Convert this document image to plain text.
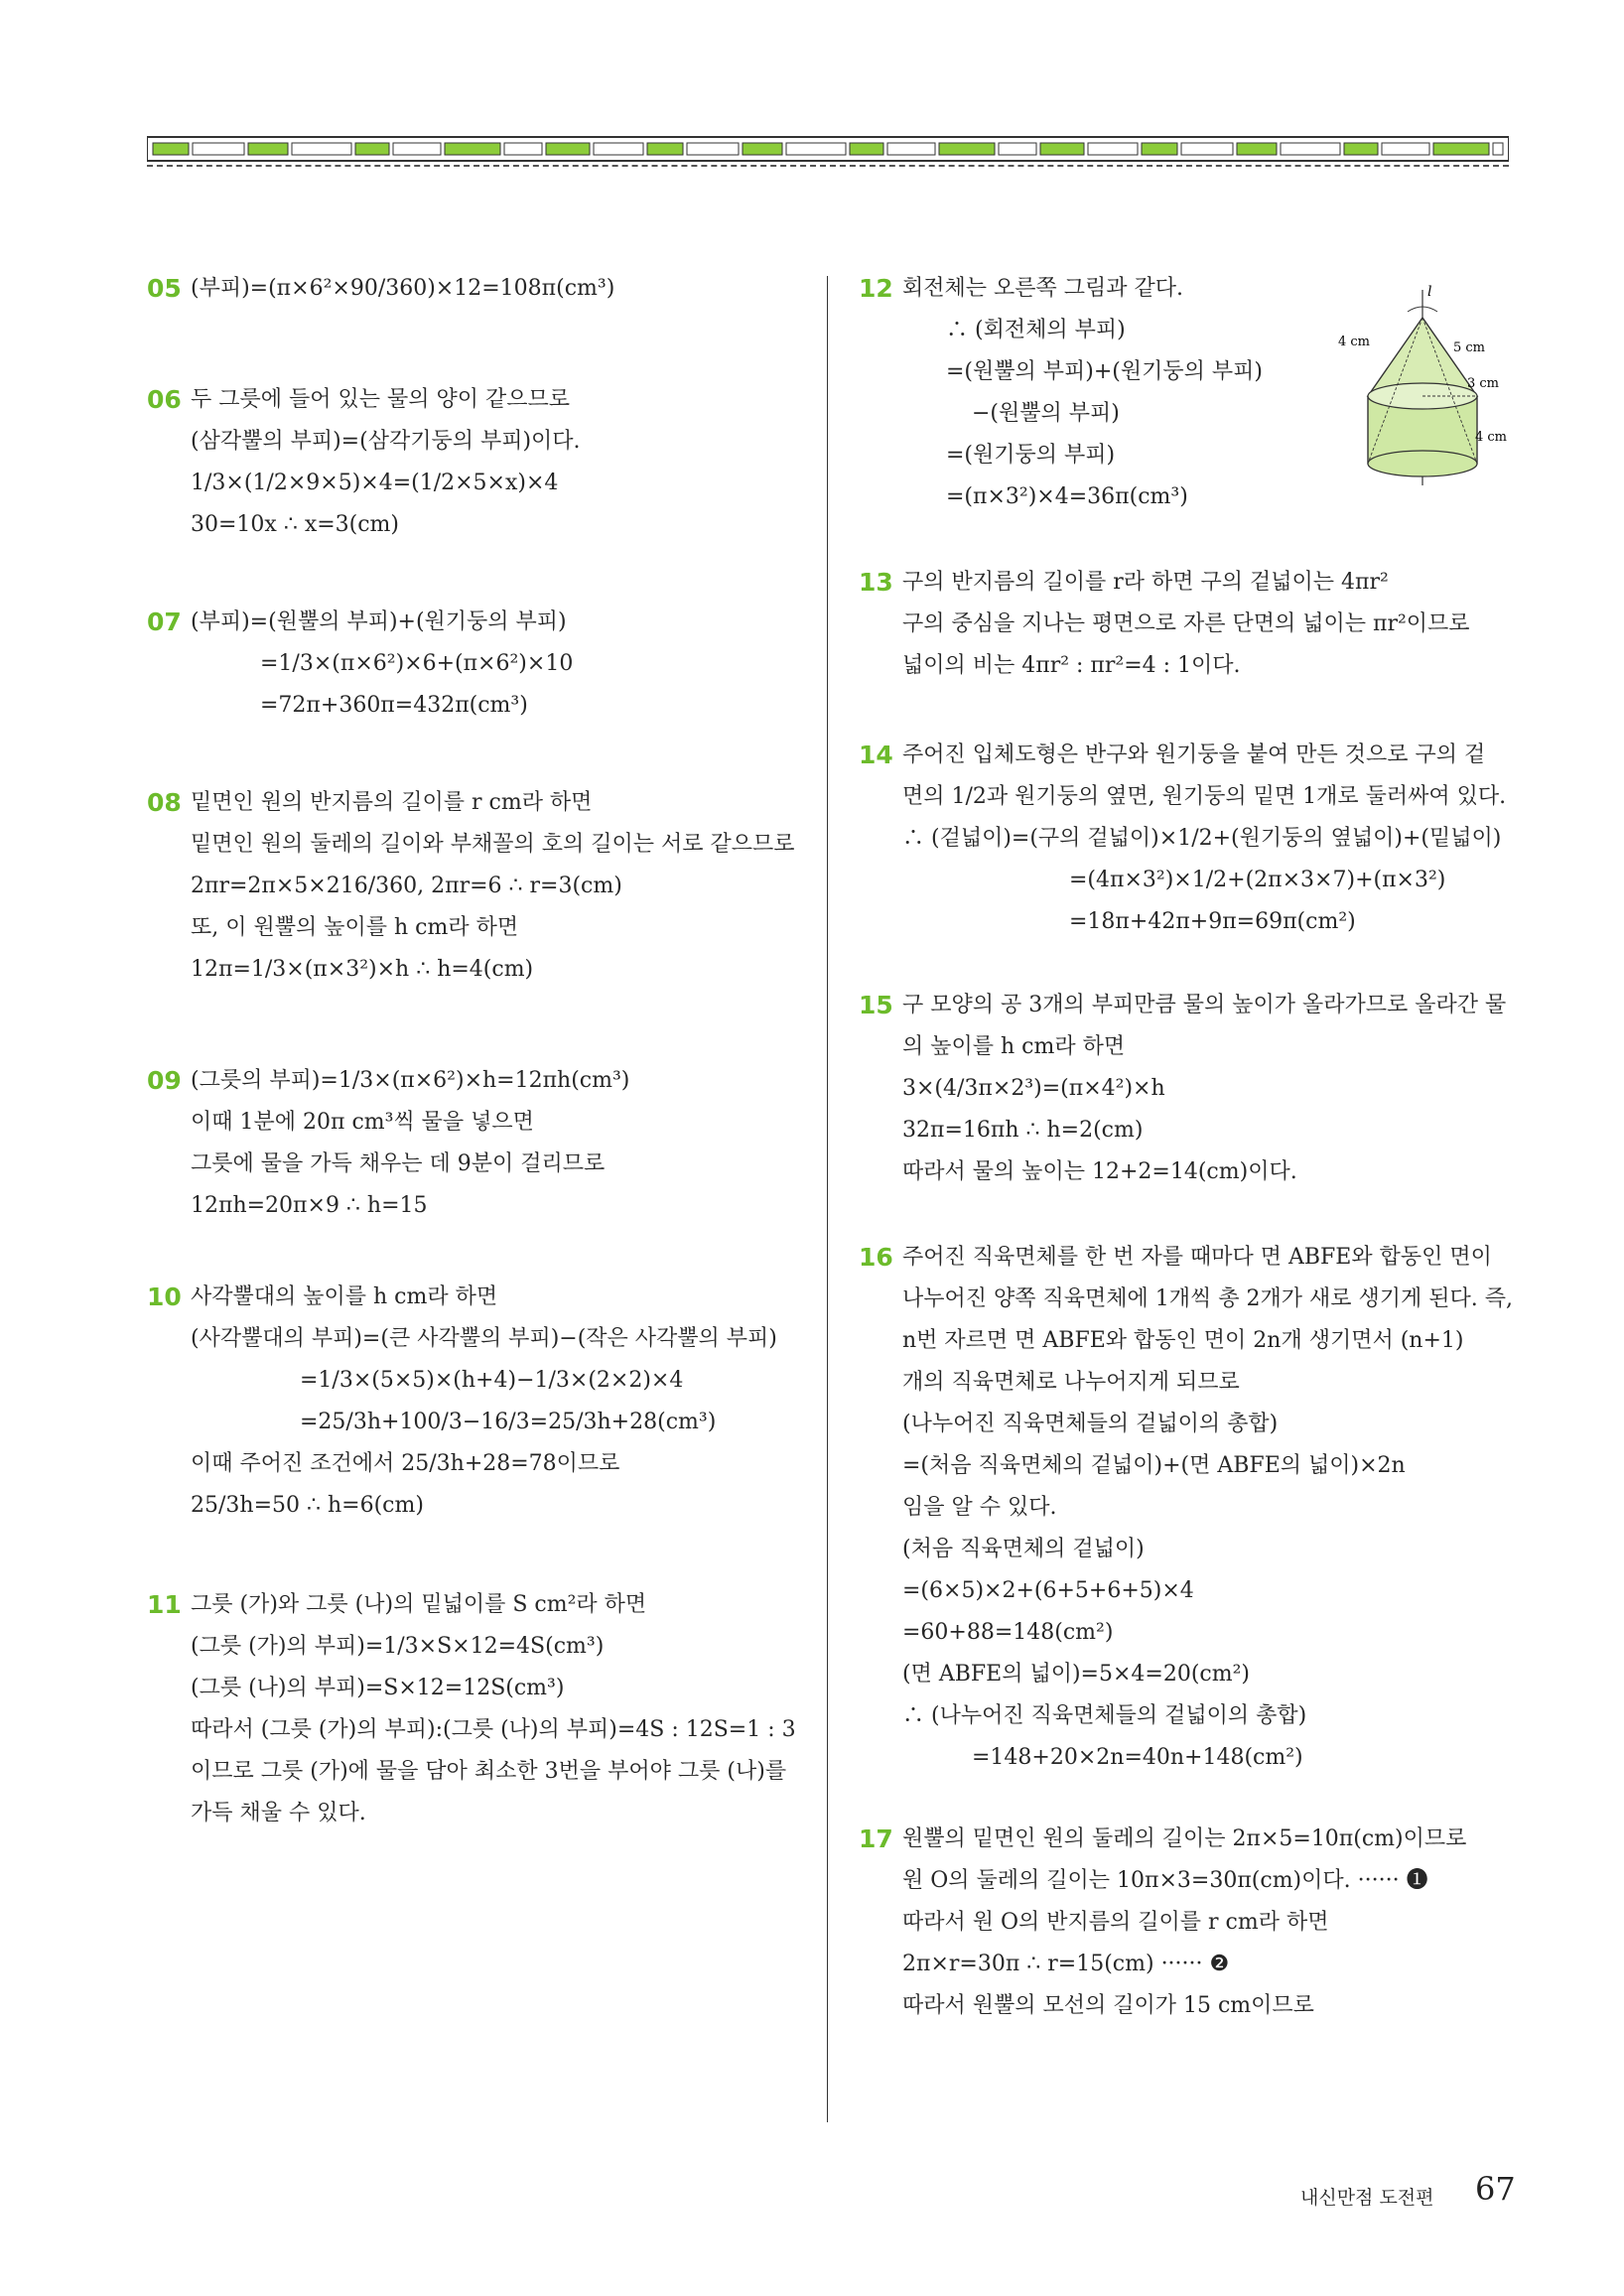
05 (부피)=(π×6²×90/360)×12=108π(cm³)
06 두 그릇에 들어 있는 물의 양이 같으므로
(삼각뿔의 부피)=(삼각기둥의 부피)이다.
1/3×(1/2×9×5)×4=(1/2×5×x)×4
30=10x ∴ x=3(cm)
07 (부피)=(원뿔의 부피)+(원기둥의 부피)
=1/3×(π×6²)×6+(π×6²)×10
=72π+360π=432π(cm³)
08 밑면인 원의 반지름의 길이를 r cm라 하면
밑면인 원의 둘레의 길이와 부채꼴의 호의 길이는 서로 같으므로
2πr=2π×5×216/360, 2πr=6 ∴ r=3(cm)
또, 이 원뿔의 높이를 h cm라 하면
12π=1/3×(π×3²)×h ∴ h=4(cm)
09 (그릇의 부피)=1/3×(π×6²)×h=12πh(cm³)
이때 1분에 20π cm³씩 물을 넣으면
그릇에 물을 가득 채우는 데 9분이 걸리므로
12πh=20π×9 ∴ h=15
10 사각뿔대의 높이를 h cm라 하면
(사각뿔대의 부피)=(큰 사각뿔의 부피)−(작은 사각뿔의 부피)
=1/3×(5×5)×(h+4)−1/3×(2×2)×4
=25/3h+100/3−16/3=25/3h+28(cm³)
이때 주어진 조건에서 25/3h+28=78이므로
25/3h=50 ∴ h=6(cm)
11 그릇 (가)와 그릇 (나)의 밑넓이를 S cm²라 하면
(그릇 (가)의 부피)=1/3×S×12=4S(cm³)
(그릇 (나)의 부피)=S×12=12S(cm³)
따라서 (그릇 (가)의 부피):(그릇 (나)의 부피)=4S : 12S=1 : 3
이므로 그릇 (가)에 물을 담아 최소한 3번을 부어야 그릇 (나)를
가득 채울 수 있다.
12 회전체는 오른쪽 그림과 같다.
∴ (회전체의 부피)
=(원뿔의 부피)+(원기둥의 부피)
−(원뿔의 부피)
=(원기둥의 부피)
=(π×3²)×4=36π(cm³)
13 구의 반지름의 길이를 r라 하면 구의 겉넓이는 4πr²
구의 중심을 지나는 평면으로 자른 단면의 넓이는 πr²이므로
넓이의 비는 4πr² : πr²=4 : 1이다.
14 주어진 입체도형은 반구와 원기둥을 붙여 만든 것으로 구의 겉
면의 1/2과 원기둥의 옆면, 원기둥의 밑면 1개로 둘러싸여 있다.
∴ (겉넓이)=(구의 겉넓이)×1/2+(원기둥의 옆넓이)+(밑넓이)
=(4π×3²)×1/2+(2π×3×7)+(π×3²)
=18π+42π+9π=69π(cm²)
15 구 모양의 공 3개의 부피만큼 물의 높이가 올라가므로 올라간 물
의 높이를 h cm라 하면
3×(4/3π×2³)=(π×4²)×h
32π=16πh ∴ h=2(cm)
따라서 물의 높이는 12+2=14(cm)이다.
16 주어진 직육면체를 한 번 자를 때마다 면 ABFE와 합동인 면이
나누어진 양쪽 직육면체에 1개씩 총 2개가 새로 생기게 된다. 즉,
n번 자르면 면 ABFE와 합동인 면이 2n개 생기면서 (n+1)
개의 직육면체로 나누어지게 되므로
(나누어진 직육면체들의 겉넓이의 총합)
=(처음 직육면체의 겉넓이)+(면 ABFE의 넓이)×2n
임을 알 수 있다.
(처음 직육면체의 겉넓이)
=(6×5)×2+(6+5+6+5)×4
=60+88=148(cm²)
(면 ABFE의 넓이)=5×4=20(cm²)
∴ (나누어진 직육면체들의 겉넓이의 총합)
=148+20×2n=40n+148(cm²)
17 원뿔의 밑면인 원의 둘레의 길이는 2π×5=10π(cm)이므로
원 O의 둘레의 길이는 10π×3=30π(cm)이다. ······ ❶
따라서 원 O의 반지름의 길이를 r cm라 하면
2π×r=30π ∴ r=15(cm) ······ ❷
따라서 원뿔의 모선의 길이가 15 cm이므로
l
4 cm	5 cm
3 cm
4 cm
내신만점 도전편 67
